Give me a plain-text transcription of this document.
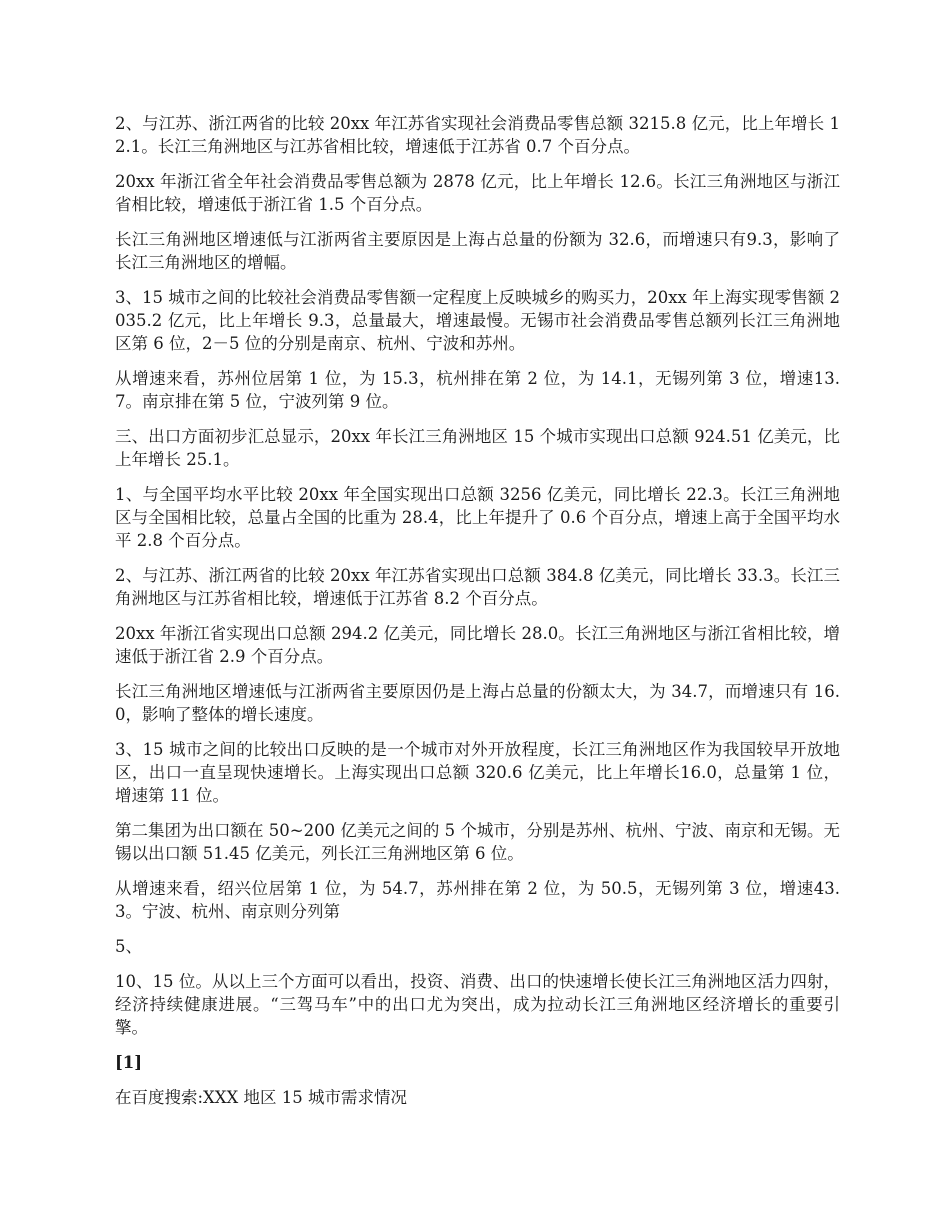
2、与江苏、浙江两省的比较 20xx 年江苏省实现社会消费品零售总额 3215.8 亿元，比上年增长 12.1。长江三角洲地区与江苏省相比较，增速低于江苏省 0.7 个百分点。

20xx 年浙江省全年社会消费品零售总额为 2878 亿元，比上年增长 12.6。长江三角洲地区与浙江省相比较，增速低于浙江省 1.5 个百分点。

长江三角洲地区增速低与江浙两省主要原因是上海占总量的份额为 32.6，而增速只有9.3，影响了长江三角洲地区的增幅。

3、15 城市之间的比较社会消费品零售额一定程度上反映城乡的购买力，20xx 年上海实现零售额 2035.2 亿元，比上年增长 9.3，总量最大，增速最慢。无锡市社会消费品零售总额列长江三角洲地区第 6 位，2－5 位的分别是南京、杭州、宁波和苏州。

从增速来看，苏州位居第 1 位，为 15.3，杭州排在第 2 位，为 14.1，无锡列第 3 位，增速13.7。南京排在第 5 位，宁波列第 9 位。

三、出口方面初步汇总显示，20xx 年长江三角洲地区 15 个城市实现出口总额 924.51 亿美元，比上年增长 25.1。

1、与全国平均水平比较 20xx 年全国实现出口总额 3256 亿美元，同比增长 22.3。长江三角洲地区与全国相比较，总量占全国的比重为 28.4，比上年提升了 0.6 个百分点，增速上高于全国平均水平 2.8 个百分点。

2、与江苏、浙江两省的比较 20xx 年江苏省实现出口总额 384.8 亿美元，同比增长 33.3。长江三角洲地区与江苏省相比较，增速低于江苏省 8.2 个百分点。

20xx 年浙江省实现出口总额 294.2 亿美元，同比增长 28.0。长江三角洲地区与浙江省相比较，增速低于浙江省 2.9 个百分点。

长江三角洲地区增速低与江浙两省主要原因仍是上海占总量的份额太大，为 34.7，而增速只有 16.0，影响了整体的增长速度。

3、15 城市之间的比较出口反映的是一个城市对外开放程度，长江三角洲地区作为我国较早开放地区，出口一直呈现快速增长。上海实现出口总额 320.6 亿美元，比上年增长16.0，总量第 1 位，增速第 11 位。

第二集团为出口额在 50~200 亿美元之间的 5 个城市，分别是苏州、杭州、宁波、南京和无锡。无锡以出口额 51.45 亿美元，列长江三角洲地区第 6 位。

从增速来看，绍兴位居第 1 位，为 54.7，苏州排在第 2 位，为 50.5，无锡列第 3 位，增速43.3。宁波、杭州、南京则分列第

5、

10、15 位。从以上三个方面可以看出，投资、消费、出口的快速增长使长江三角洲地区活力四射，经济持续健康进展。“三驾马车”中的出口尤为突出，成为拉动长江三角洲地区经济增长的重要引擎。

[1]

在百度搜索:XXX 地区 15 城市需求情况
